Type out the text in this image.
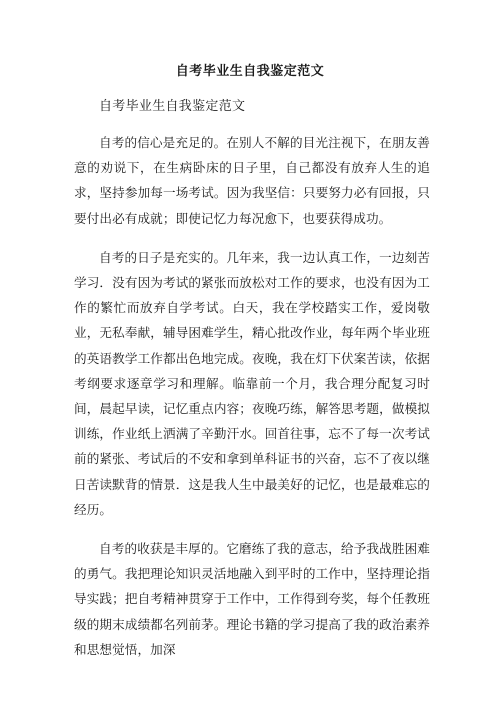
自考毕业生自我鉴定范文
自考毕业生自我鉴定范文

自考的信心是充足的。在别人不解的目光注视下，在朋友善意的劝说下，在生病卧床的日子里，自己都没有放弃人生的追求，坚持参加每一场考试。因为我坚信：只要努力必有回报，只要付出必有成就；即使记忆力每况愈下，也要获得成功。

自考的日子是充实的。几年来，我一边认真工作，一边刻苦学习．没有因为考试的紧张而放松对工作的要求，也没有因为工作的繁忙而放弃自学考试。白天，我在学校踏实工作，爱岗敬业，无私奉献，辅导困难学生，精心批改作业，每年两个毕业班的英语教学工作都出色地完成。夜晚，我在灯下伏案苦读，依据考纲要求逐章学习和理解。临靠前一个月，我合理分配复习时间，晨起早读，记忆重点内容；夜晚巧练，解答思考题，做模拟训练，作业纸上洒满了辛勤汗水。回首往事，忘不了每一次考试前的紧张、考试后的不安和拿到单科证书的兴奋，忘不了夜以继日苦读默背的情景．这是我人生中最美好的记忆，也是最难忘的经历。

自考的收获是丰厚的。它磨练了我的意志，给予我战胜困难的勇气。我把理论知识灵活地融入到平时的工作中，坚持理论指导实践；把自考精神贯穿于工作中，工作得到夸奖，每个任教班级的期末成绩都名列前茅。理论书籍的学习提高了我的政治素养和思想觉悟，加深
